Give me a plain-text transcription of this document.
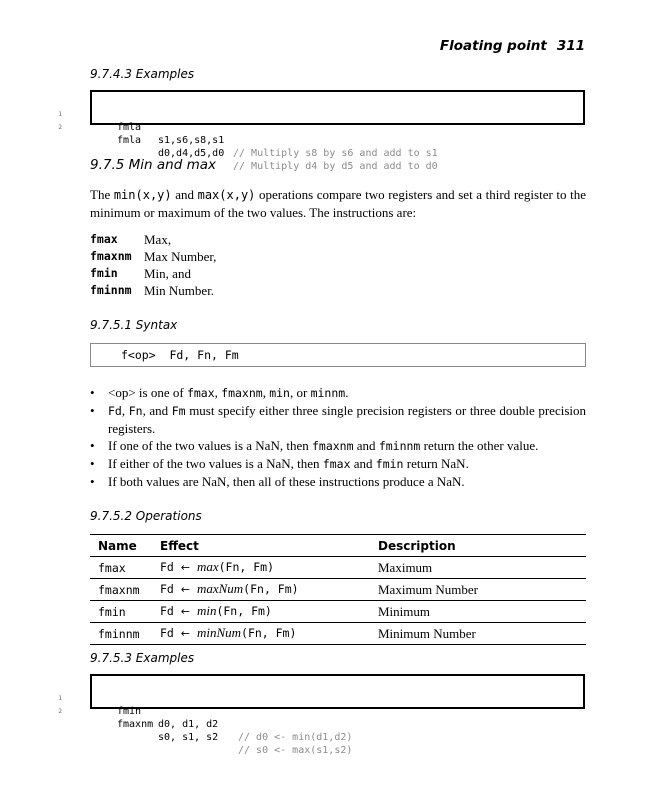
Floating point 311
9.7.4.3 Examples

1

fmla

s1,s6,s8,s1

// Multiply s8 by s6 and add to s1

2

fmla

d0,d4,d5,d0

// Multiply d4 by d5 and add to d0

9.7.5 Min and max
The min(x,y) and max(x,y) operations compare two registers and set a third register to the minimum or maximum of the two values. The instructions are:
fmax Max,
fmaxnm Max Number,
fmin Min, and
fminnm Min Number.
9.7.5.1 Syntax
f<op>  Fd, Fn, Fm
• <op> is one of fmax, fmaxnm, min, or minnm.
• Fd, Fn, and Fm must specify either three single precision registers or three double precision registers.
• If one of the two values is a NaN, then fmaxnm and fminnm return the other value.
• If either of the two values is a NaN, then fmax and fmin return NaN.
• If both values are NaN, then all of these instructions produce a NaN.
9.7.5.2 Operations
Name	Effect	Description
fmax	Fd ← max(Fn, Fm)	Maximum
fmaxnm	Fd ← maxNum(Fn, Fm)	Maximum Number
fmin	Fd ← min(Fn, Fm)	Minimum
fminnm	Fd ← minNum(Fn, Fm)	Minimum Number
9.7.5.3 Examples

1

fmin

d0, d1, d2

// d0 <- min(d1,d2)

2

fmaxnm

s0, s1, s2

// s0 <- max(s1,s2)
